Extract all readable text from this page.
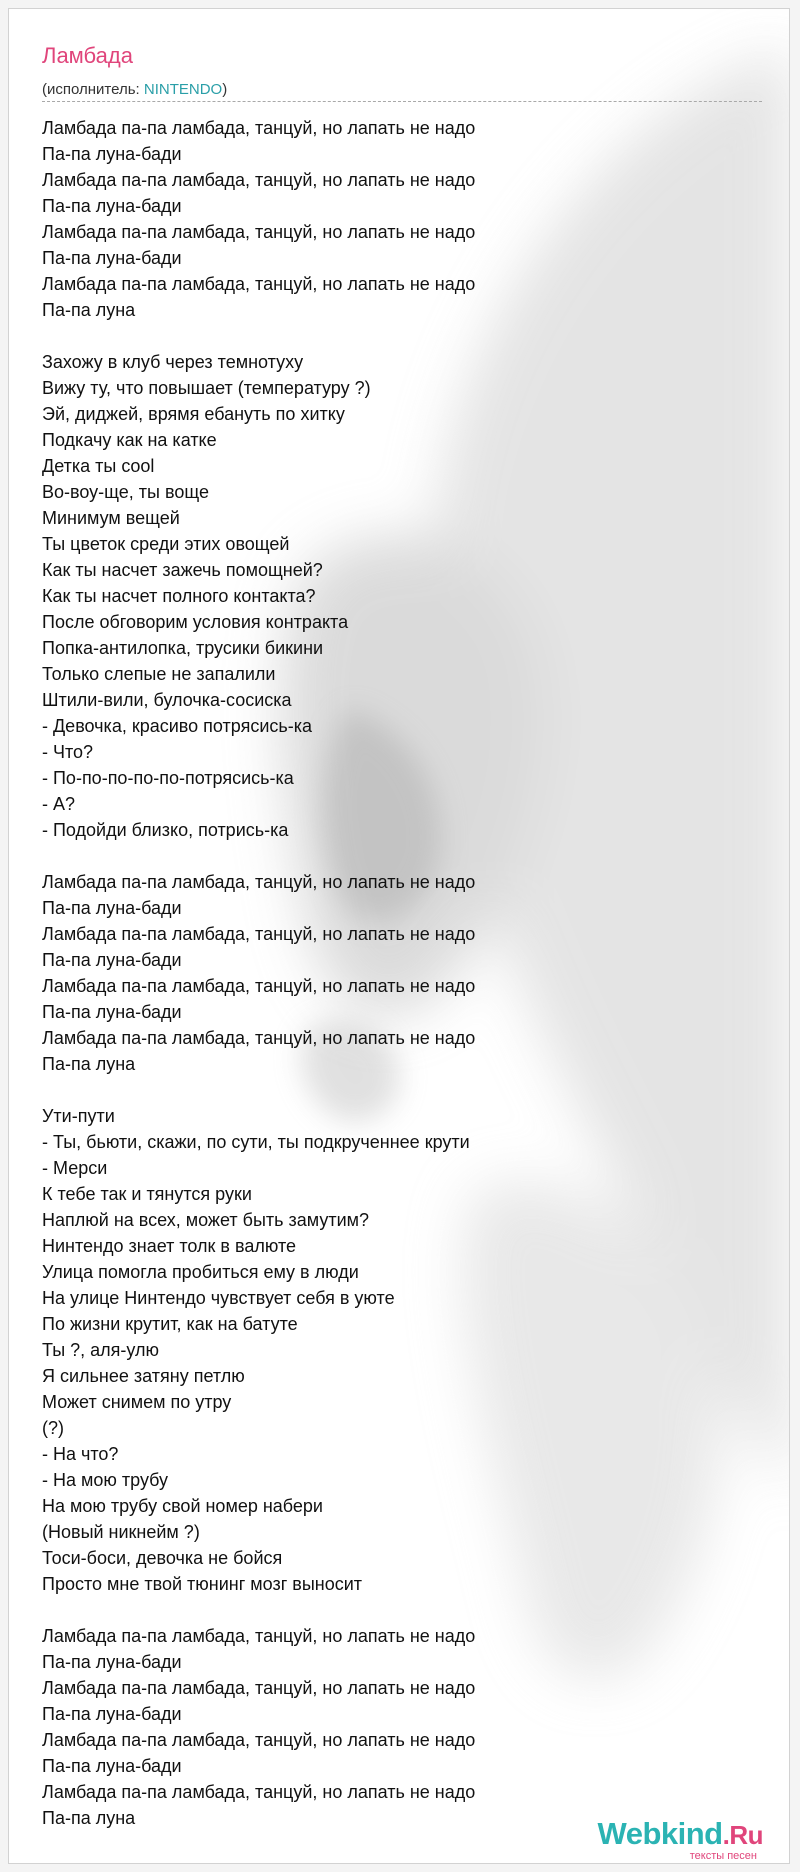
Ламбада
(исполнитель: NINTENDO)
Ламбада па-па ламбада, танцуй, но лапать не надо
Па-па луна-бади
Ламбада па-па ламбада, танцуй, но лапать не надо
Па-па луна-бади
Ламбада па-па ламбада, танцуй, но лапать не надо
Па-па луна-бади
Ламбада па-па ламбада, танцуй, но лапать не надо
Па-па луна
Захожу в клуб через темнотуху
Вижу ту, что повышает (температуру ?)
Эй, диджей, врямя ебануть по хитку
Подкачу как на катке
Детка ты cool
Во-воу-ще, ты воще
Минимум вещей
Ты цветок среди этих овощей
Как ты насчет зажечь помощней?
Как ты насчет полного контакта?
После обговорим условия контракта
Попка-антилопка, трусики бикини
Только слепые не запалили
Штили-вили, булочка-сосиска
- Девочка, красиво потрясись-ка
- Что?
- По-по-по-по-по-потрясись-ка
- А?
- Подойди близко, потрись-ка
Ламбада па-па ламбада, танцуй, но лапать не надо
Па-па луна-бади
Ламбада па-па ламбада, танцуй, но лапать не надо
Па-па луна-бади
Ламбада па-па ламбада, танцуй, но лапать не надо
Па-па луна-бади
Ламбада па-па ламбада, танцуй, но лапать не надо
Па-па луна
Ути-пути
- Ты, бьюти, скажи, по сути, ты подкрученнее крути
- Мерси
К тебе так и тянутся руки
Наплюй на всех, может быть замутим?
Нинтендо знает толк в валюте
Улица помогла пробиться ему в люди
На улице Нинтендо чувствует себя в уюте
По жизни крутит, как на батуте
Ты ?, аля-улю
Я сильнее затяну петлю
Может снимем по утру
(?)
- На что?
- На мою трубу
На мою трубу свой номер набери
(Новый никнейм ?)
Тоси-боси, девочка не бойся
Просто мне твой тюнинг мозг выносит
Ламбада па-па ламбада, танцуй, но лапать не надо
Па-па луна-бади
Ламбада па-па ламбада, танцуй, но лапать не надо
Па-па луна-бади
Ламбада па-па ламбада, танцуй, но лапать не надо
Па-па луна-бади
Ламбада па-па ламбада, танцуй, но лапать не надо
Па-па луна	Webkind.Ru
тексты песен
